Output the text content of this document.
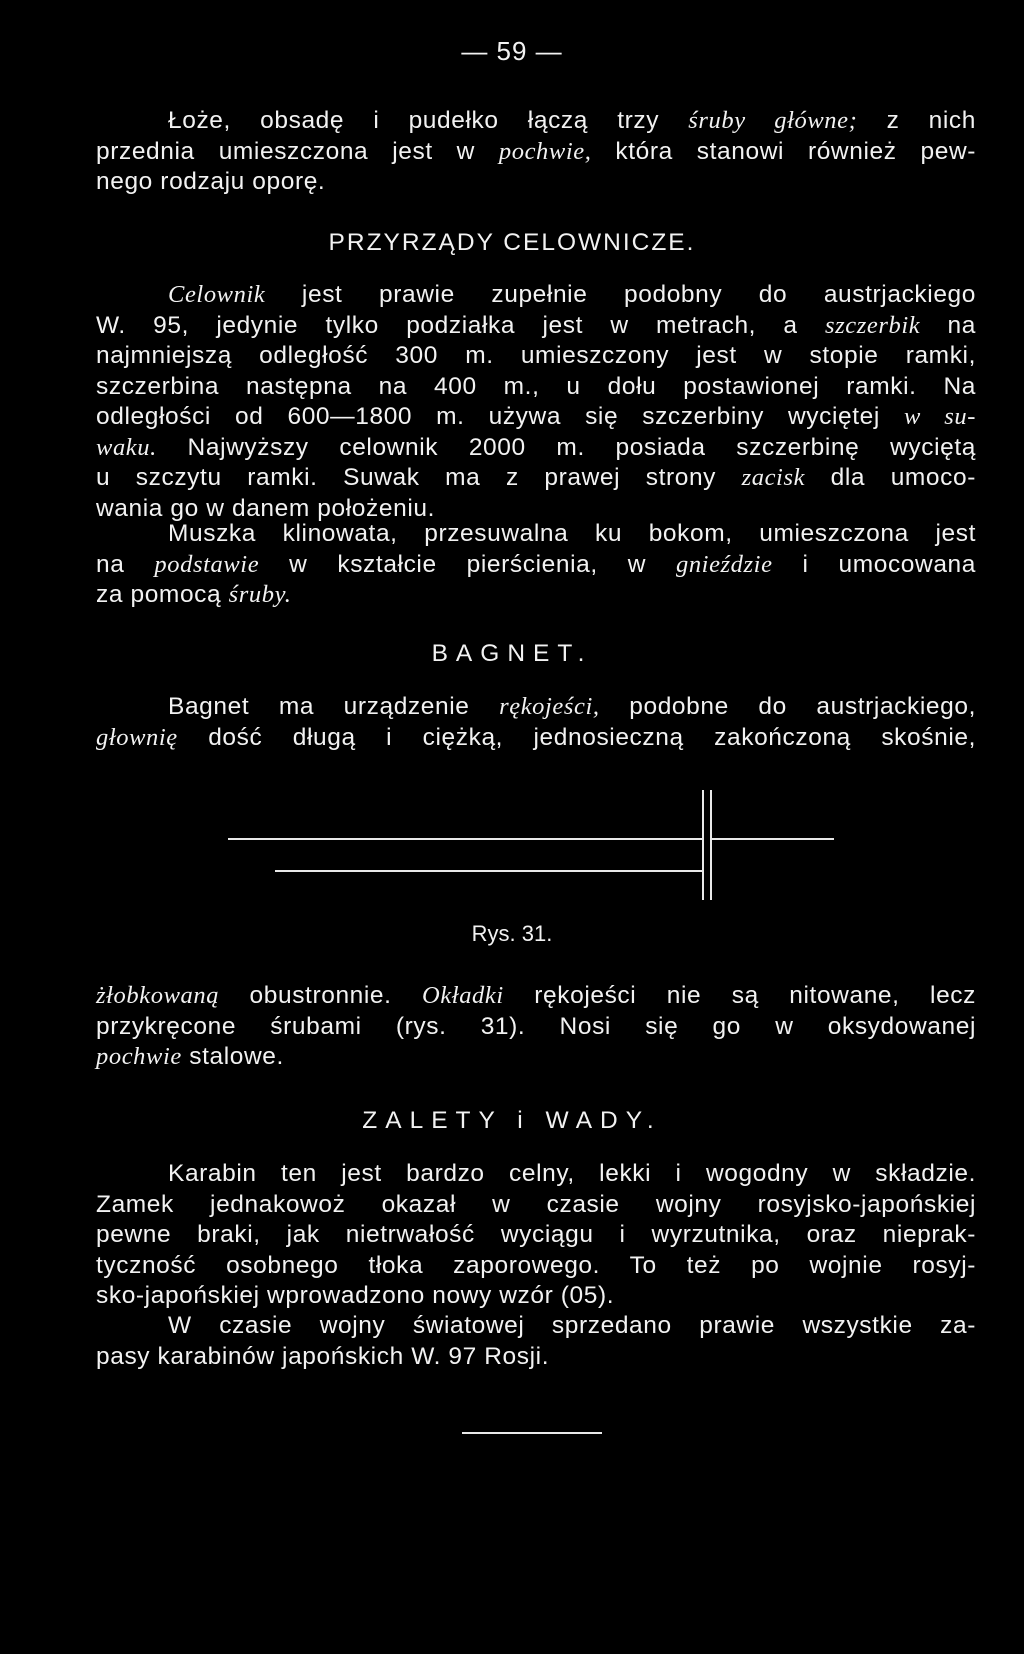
— 59 —
Łoże, obsadę i pudełko łączą trzy śruby główne; z nich
przednia umieszczona jest w pochwie, która stanowi również pew-
nego rodzaju oporę.
PRZYRZĄDY CELOWNICZE.
Celownik jest prawie zupełnie podobny do austrjackiego
W. 95, jedynie tylko podziałka jest w metrach, a szczerbik na
najmniejszą odległość 300 m. umieszczony jest w stopie ramki,
szczerbina następna na 400 m., u dołu postawionej ramki. Na
odległości od 600—1800 m. używa się szczerbiny wyciętej w su-
waku. Najwyższy celownik 2000 m. posiada szczerbinę wyciętą
u szczytu ramki. Suwak ma z prawej strony zacisk dla umoco-
wania go w danem położeniu.
Muszka klinowata, przesuwalna ku bokom, umieszczona jest
na podstawie w kształcie pierścienia, w gnieździe i umocowana
za pomocą śruby.
BAGNET.
Bagnet ma urządzenie rękojeści, podobne do austrjackiego,
głownię dość długą i ciężką, jednosieczną zakończoną skośnie,
Rys. 31.
żłobkowaną obustronnie. Okładki rękojeści nie są nitowane, lecz
przykręcone śrubami (rys. 31). Nosi się go w oksydowanej
pochwie stalowe.
ZALETY i WADY.
Karabin ten jest bardzo celny, lekki i wogodny w składzie.
Zamek jednakowoż okazał w czasie wojny rosyjsko-japońskiej
pewne braki, jak nietrwałość wyciągu i wyrzutnika, oraz nieprak-
tyczność osobnego tłoka zaporowego. To też po wojnie rosyj-
sko-japońskiej wprowadzono nowy wzór (05).
W czasie wojny światowej sprzedano prawie wszystkie za-
pasy karabinów japońskich W. 97 Rosji.
